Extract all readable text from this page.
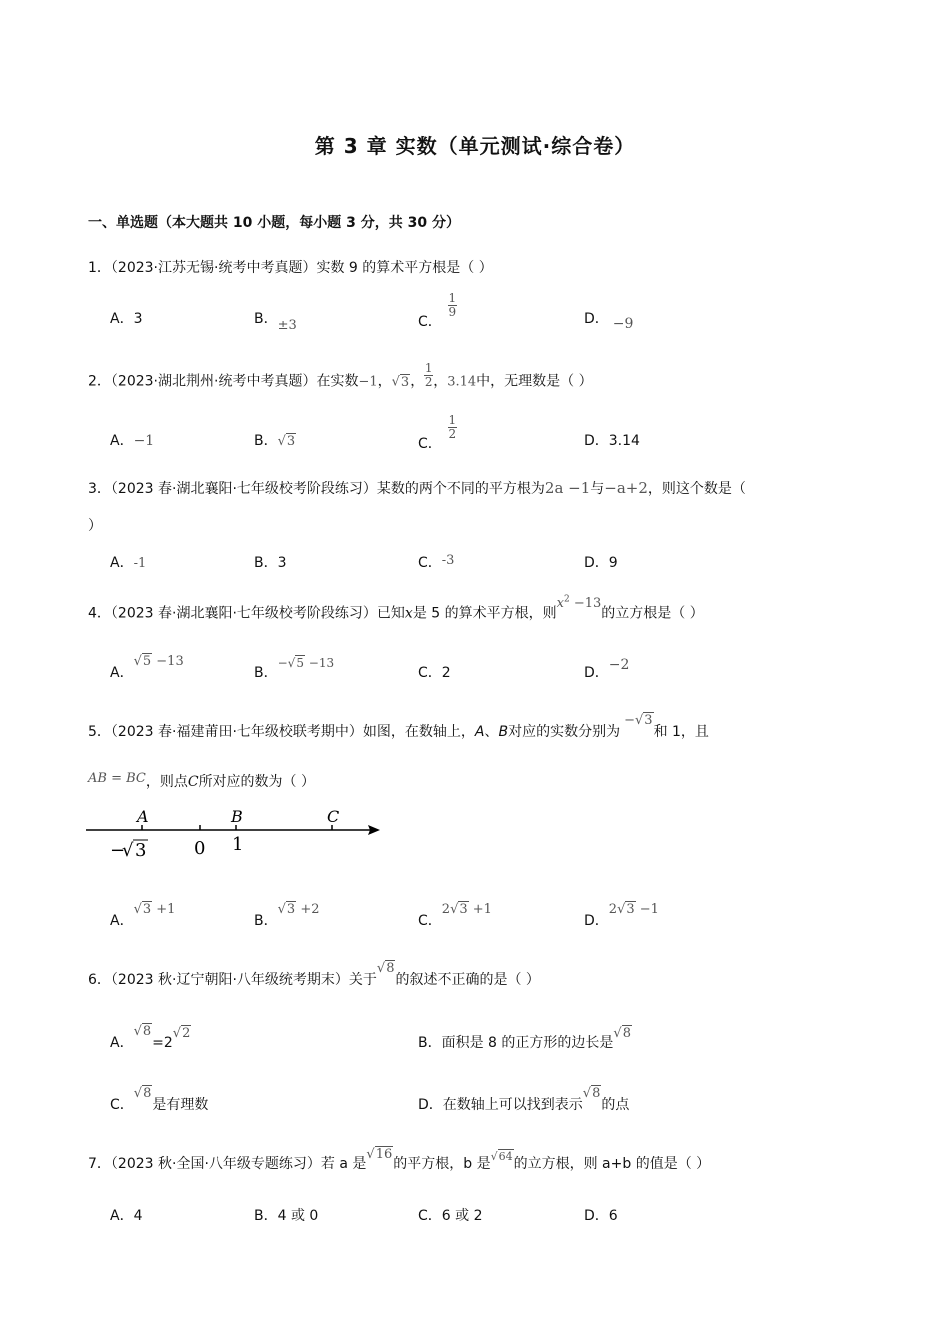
第 3 章 实数（单元测试·综合卷）
一、单选题（本大题共 10 小题，每小题 3 分，共 30 分）
1．（2023·江苏无锡·统考中考真题）实数 9 的算术平方根是（ ）
A．3	B．±3	C．
$\frac{1}{9}$	D． −9
2．（2023·湖北荆州·统考中考真题）在实数−1，√3， $\frac{1}{2}$ ，3.14中，无理数是（ ）
A．−1	B．√3	C．
$\frac{1}{2}$	D．3.14
3．（2023 春·湖北襄阳·七年级校考阶段练习）某数的两个不同的平方根为2a −1与−a+2，则这个数是（
）
A．-1	B．3	C．-3	D．9
4．（2023 春·湖北襄阳·七年级校考阶段练习）已知x是 5 的算术平方根，则$x^2 -13$的立方根是（ ）
A．√5 −13
B．−√5 −13
C．2	D．−2
5．（2023 春·福建莆田·七年级校联考期中）如图，在数轴上，A、B对应的实数分别为−√3和 1，且
AB = BC，则点C所对应的数为（ ）
A	B	C
−
√ 3	0 1
A．√3 +1
B．√3 +2
C．2√3 +1
D．2√3 −1
6．（2023 秋·辽宁朝阳·八年级统考期末）关于√8的叙述不正确的是（ ）
A．√8=2√2
B．面积是 8 的正方形的边长是√8
C．√8是有理数	D．在数轴上可以找到表示√8的点
7．（2023 秋·全国·八年级专题练习）若 a 是√16的平方根，b 是$^{√64}$的立方根，则 a+b 的值是（ ）
A．4	B．4 或 0	C．6 或 2	D．6
